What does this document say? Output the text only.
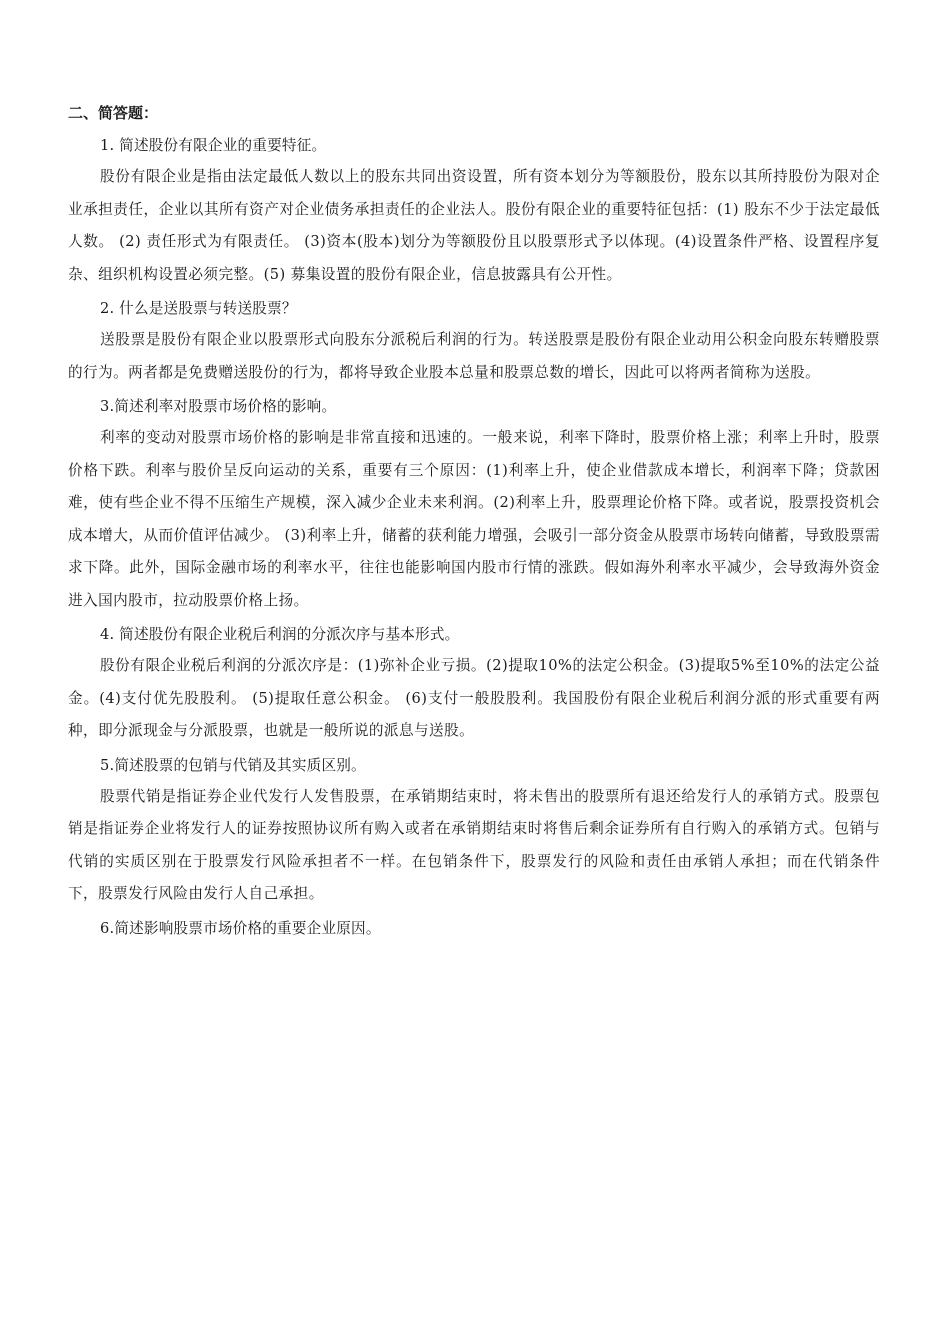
二、简答题：

1. 简述股份有限企业的重要特征。

股份有限企业是指由法定最低人数以上的股东共同出资设置，所有资本划分为等额股份，股东以其所持股份为限对企业承担责任，企业以其所有资产对企业债务承担责任的企业法人。股份有限企业的重要特征包括：(1) 股东不少于法定最低人数。 (2) 责任形式为有限责任。 (3)资本(股本)划分为等额股份且以股票形式予以体现。(4)设置条件严格、设置程序复杂、组织机构设置必须完整。(5) 募集设置的股份有限企业，信息披露具有公开性。

2. 什么是送股票与转送股票？

送股票是股份有限企业以股票形式向股东分派税后利润的行为。转送股票是股份有限企业动用公积金向股东转赠股票的行为。两者都是免费赠送股份的行为，都将导致企业股本总量和股票总数的增长，因此可以将两者简称为送股。

3.简述利率对股票市场价格的影响。

利率的变动对股票市场价格的影响是非常直接和迅速的。一般来说，利率下降时，股票价格上涨；利率上升时，股票价格下跌。利率与股价呈反向运动的关系，重要有三个原因：(1)利率上升，使企业借款成本增长，利润率下降；贷款困难，使有些企业不得不压缩生产规模，深入减少企业未来利润。(2)利率上升，股票理论价格下降。或者说，股票投资机会成本增大，从而价值评估减少。 (3)利率上升，储蓄的获利能力增强，会吸引一部分资金从股票市场转向储蓄，导致股票需求下降。此外，国际金融市场的利率水平，往往也能影响国内股市行情的涨跌。假如海外利率水平减少，会导致海外资金进入国内股市，拉动股票价格上扬。

4. 简述股份有限企业税后利润的分派次序与基本形式。

股份有限企业税后利润的分派次序是：(1)弥补企业亏损。(2)提取10%的法定公积金。(3)提取5%至10%的法定公益金。(4)支付优先股股利。 (5)提取任意公积金。 (6)支付一般股股利。我国股份有限企业税后利润分派的形式重要有两种，即分派现金与分派股票，也就是一般所说的派息与送股。

5.简述股票的包销与代销及其实质区别。

股票代销是指证券企业代发行人发售股票，在承销期结束时，将未售出的股票所有退还给发行人的承销方式。股票包销是指证券企业将发行人的证券按照协议所有购入或者在承销期结束时将售后剩余证券所有自行购入的承销方式。包销与代销的实质区别在于股票发行风险承担者不一样。在包销条件下，股票发行的风险和责任由承销人承担；而在代销条件下，股票发行风险由发行人自己承担。

6.简述影响股票市场价格的重要企业原因。
